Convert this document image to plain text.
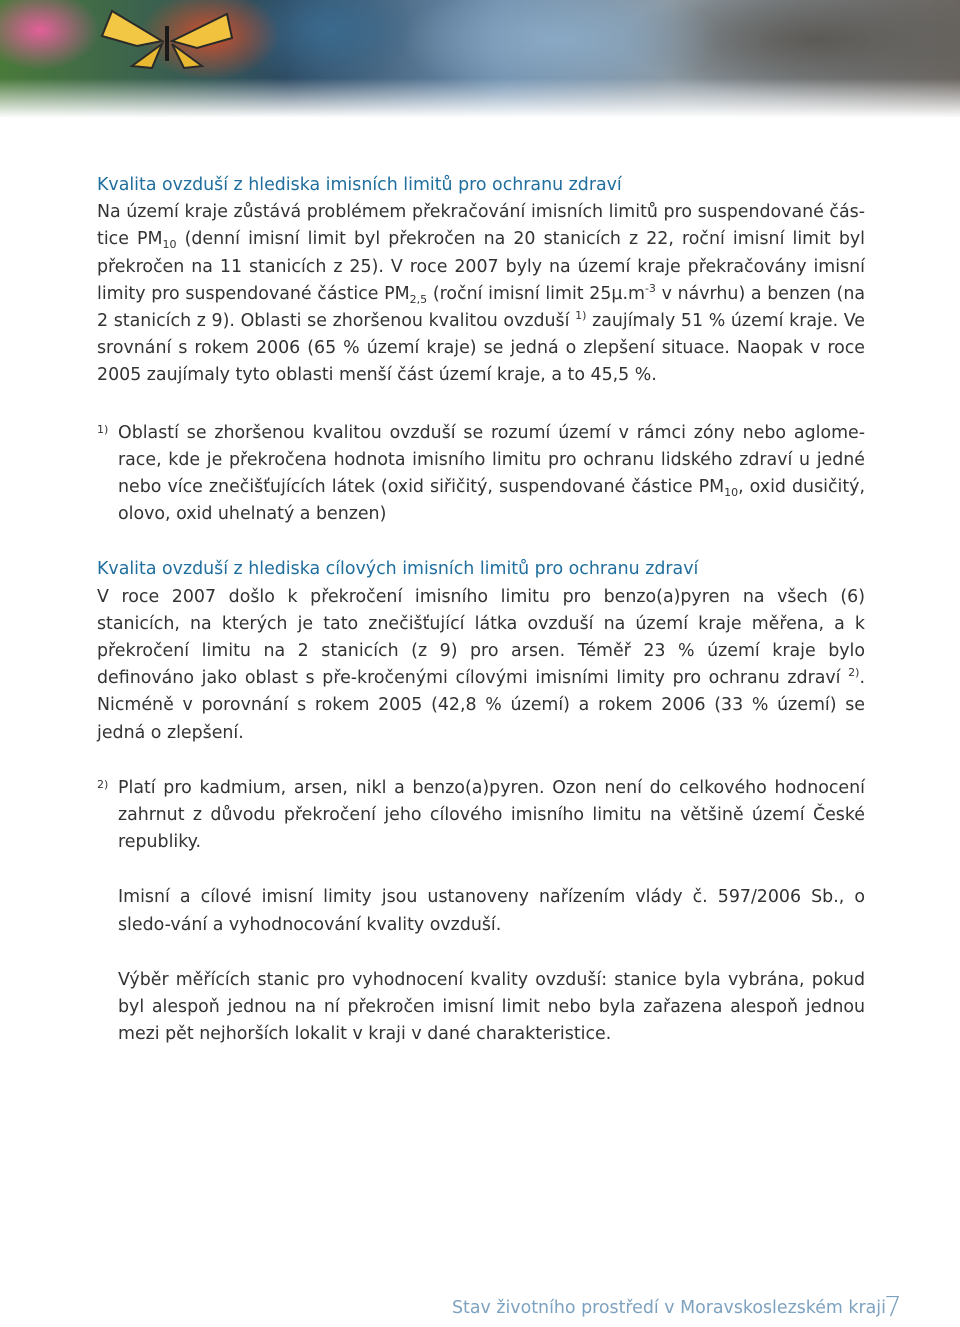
Kvalita ovzduší z hlediska imisních limitů pro ochranu zdraví

Na území kraje zůstává problémem překračování imisních limitů pro suspendované čás-tice $PM_{10}$ (denní imisní limit byl překročen na 20 stanicích z 22, roční imisní limit byl překročen na 11 stanicích z 25). V roce 2007 byly na území kraje překračovány imisní limity pro suspendované částice $PM_{2,5}$ (roční imisní limit $25\mu.m^{-3}$ v návrhu) a benzen (na 2 stanicích z 9). Oblasti se zhoršenou kvalitou ovzduší $^{1)}$ zaujímaly 51 % území kraje. Ve srovnání s rokem 2006 (65 % území kraje) se jedná o zlepšení situace. Naopak v roce 2005 zaujímaly tyto oblasti menší část území kraje, a to 45,5 %.

1) Oblastí se zhoršenou kvalitou ovzduší se rozumí území v rámci zóny nebo aglome-race, kde je překročena hodnota imisního limitu pro ochranu lidského zdraví u jedné nebo více znečišťujících látek (oxid siřičitý, suspendované částice $PM_{10}$, oxid dusičitý, olovo, oxid uhelnatý a benzen)

Kvalita ovzduší z hlediska cílových imisních limitů pro ochranu zdraví

V roce 2007 došlo k překročení imisního limitu pro benzo(a)pyren na všech (6) stanicích, na kterých je tato znečišťující látka ovzduší na území kraje měřena, a k překročení limitu na 2 stanicích (z 9) pro arsen. Téměř 23 % území kraje bylo definováno jako oblast s pře-kročenými cílovými imisními limity pro ochranu zdraví $^{2)}$. Nicméně v porovnání s rokem 2005 (42,8 % území) a rokem 2006 (33 % území) se jedná o zlepšení.

2) Platí pro kadmium, arsen, nikl a benzo(a)pyren. Ozon není do celkového hodnocení zahrnut z důvodu překročení jeho cílového imisního limitu na většině území České republiky.

Imisní a cílové imisní limity jsou ustanoveny nařízením vlády č. 597/2006 Sb., o sledo-vání a vyhodnocování kvality ovzduší.

Výběr měřících stanic pro vyhodnocení kvality ovzduší: stanice byla vybrána, pokud byl alespoň jednou na ní překročen imisní limit nebo byla zařazena alespoň jednou mezi pět nejhorších lokalit v kraji v dané charakteristice.

Stav životního prostředí v Moravskoslezském kraji
7
